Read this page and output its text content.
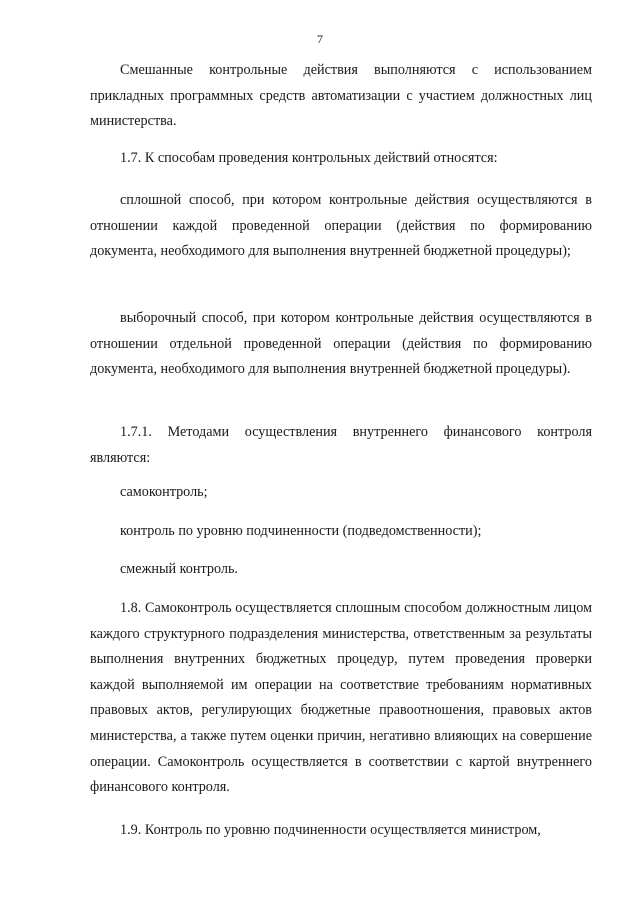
7

Смешанные контрольные действия выполняются с использованием прикладных программных средств автоматизации с участием должностных лиц министерства.

1.7. К способам проведения контрольных действий относятся:

сплошной способ, при котором контрольные действия осуществляются в отношении каждой проведенной операции (действия по формированию документа, необходимого для выполнения внутренней бюджетной процедуры);

выборочный способ, при котором контрольные действия осуществляются в отношении отдельной проведенной операции (действия по формированию документа, необходимого для выполнения внутренней бюджетной процедуры).

1.7.1. Методами осуществления внутреннего финансового контроля являются:

самоконтроль;

контроль по уровню подчиненности (подведомственности);

смежный контроль.

1.8. Самоконтроль осуществляется сплошным способом должностным лицом каждого структурного подразделения министерства, ответственным за результаты выполнения внутренних бюджетных процедур, путем проведения проверки каждой выполняемой им операции на соответствие требованиям нормативных правовых актов, регулирующих бюджетные правоотношения, правовых актов министерства, а также путем оценки причин, негативно влияющих на совершение операции. Самоконтроль осуществляется в соответствии с картой внутреннего финансового контроля.

1.9. Контроль по уровню подчиненности осуществляется министром,
